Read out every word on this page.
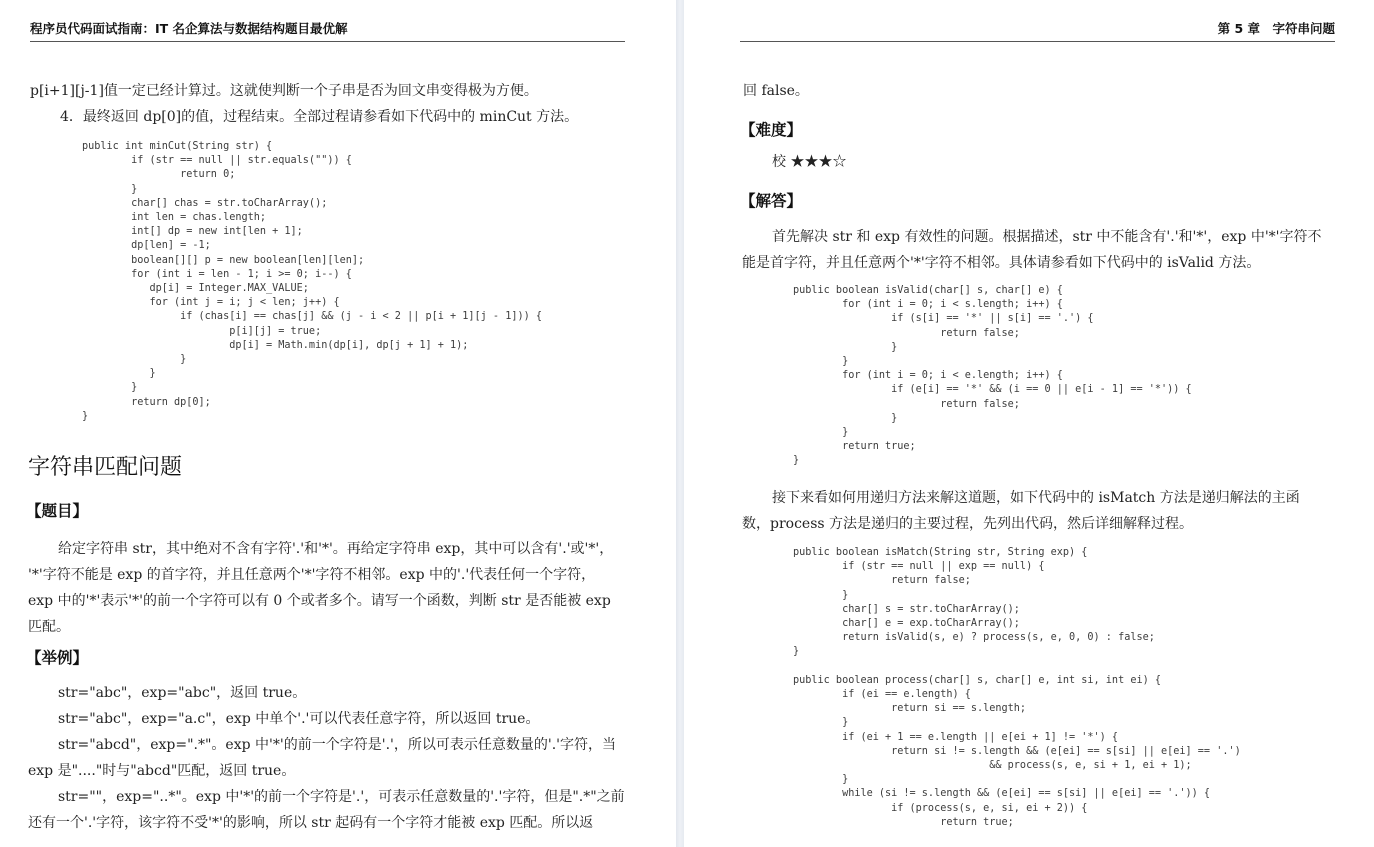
程序员代码面试指南：IT 名企算法与数据结构题目最优解
p[i+1][j-1]值一定已经计算过。这就使判断一个子串是否为回文串变得极为方便。
4．最终返回 dp[0]的值，过程结束。全部过程请参看如下代码中的 minCut 方法。
public int minCut(String str) {
if (str == null || str.equals("")) {
return 0;
}
char[] chas = str.toCharArray();
int len = chas.length;
int[] dp = new int[len + 1];
dp[len] = -1;
boolean[][] p = new boolean[len][len];
for (int i = len - 1; i >= 0; i--) {
dp[i] = Integer.MAX_VALUE;
for (int j = i; j < len; j++) {
if (chas[i] == chas[j] && (j - i < 2 || p[i + 1][j - 1])) {
p[i][j] = true;
dp[i] = Math.min(dp[i], dp[j + 1] + 1);
}
}
}
return dp[0];
}
字符串匹配问题
【题目】
给定字符串 str，其中绝对不含有字符'.'和'*'。再给定字符串 exp，其中可以含有'.'或'*'，
'*'字符不能是 exp 的首字符，并且任意两个'*'字符不相邻。exp 中的'.'代表任何一个字符，
exp 中的'*'表示'*'的前一个字符可以有 0 个或者多个。请写一个函数，判断 str 是否能被 exp
匹配。
【举例】
str="abc"，exp="abc"，返回 true。
str="abc"，exp="a.c"，exp 中单个'.'可以代表任意字符，所以返回 true。
str="abcd"，exp=".*"。exp 中'*'的前一个字符是'.'，所以可表示任意数量的'.'字符，当
exp 是"...."时与"abcd"匹配，返回 true。
str=""，exp="..*"。exp 中'*'的前一个字符是'.'，可表示任意数量的'.'字符，但是".*"之前
还有一个'.'字符，该字符不受'*'的影响，所以 str 起码有一个字符才能被 exp 匹配。所以返
第 5 章　字符串问题
回 false。
【难度】
校 ★★★☆
【解答】
首先解决 str 和 exp 有效性的问题。根据描述，str 中不能含有'.'和'*'，exp 中'*'字符不
能是首字符，并且任意两个'*'字符不相邻。具体请参看如下代码中的 isValid 方法。
public boolean isValid(char[] s, char[] e) {
for (int i = 0; i < s.length; i++) {
if (s[i] == '*' || s[i] == '.') {
return false;
}
}
for (int i = 0; i < e.length; i++) {
if (e[i] == '*' && (i == 0 || e[i - 1] == '*')) {
return false;
}
}
return true;
}
接下来看如何用递归方法来解这道题，如下代码中的 isMatch 方法是递归解法的主函
数，process 方法是递归的主要过程，先列出代码，然后详细解释过程。
public boolean isMatch(String str, String exp) {
if (str == null || exp == null) {
return false;
}
char[] s = str.toCharArray();
char[] e = exp.toCharArray();
return isValid(s, e) ? process(s, e, 0, 0) : false;
}

public boolean process(char[] s, char[] e, int si, int ei) {
if (ei == e.length) {
return si == s.length;
}
if (ei + 1 == e.length || e[ei + 1] != '*') {
return si != s.length && (e[ei] == s[si] || e[ei] == '.')
&& process(s, e, si + 1, ei + 1);
}
while (si != s.length && (e[ei] == s[si] || e[ei] == '.')) {
if (process(s, e, si, ei + 2)) {
return true;
